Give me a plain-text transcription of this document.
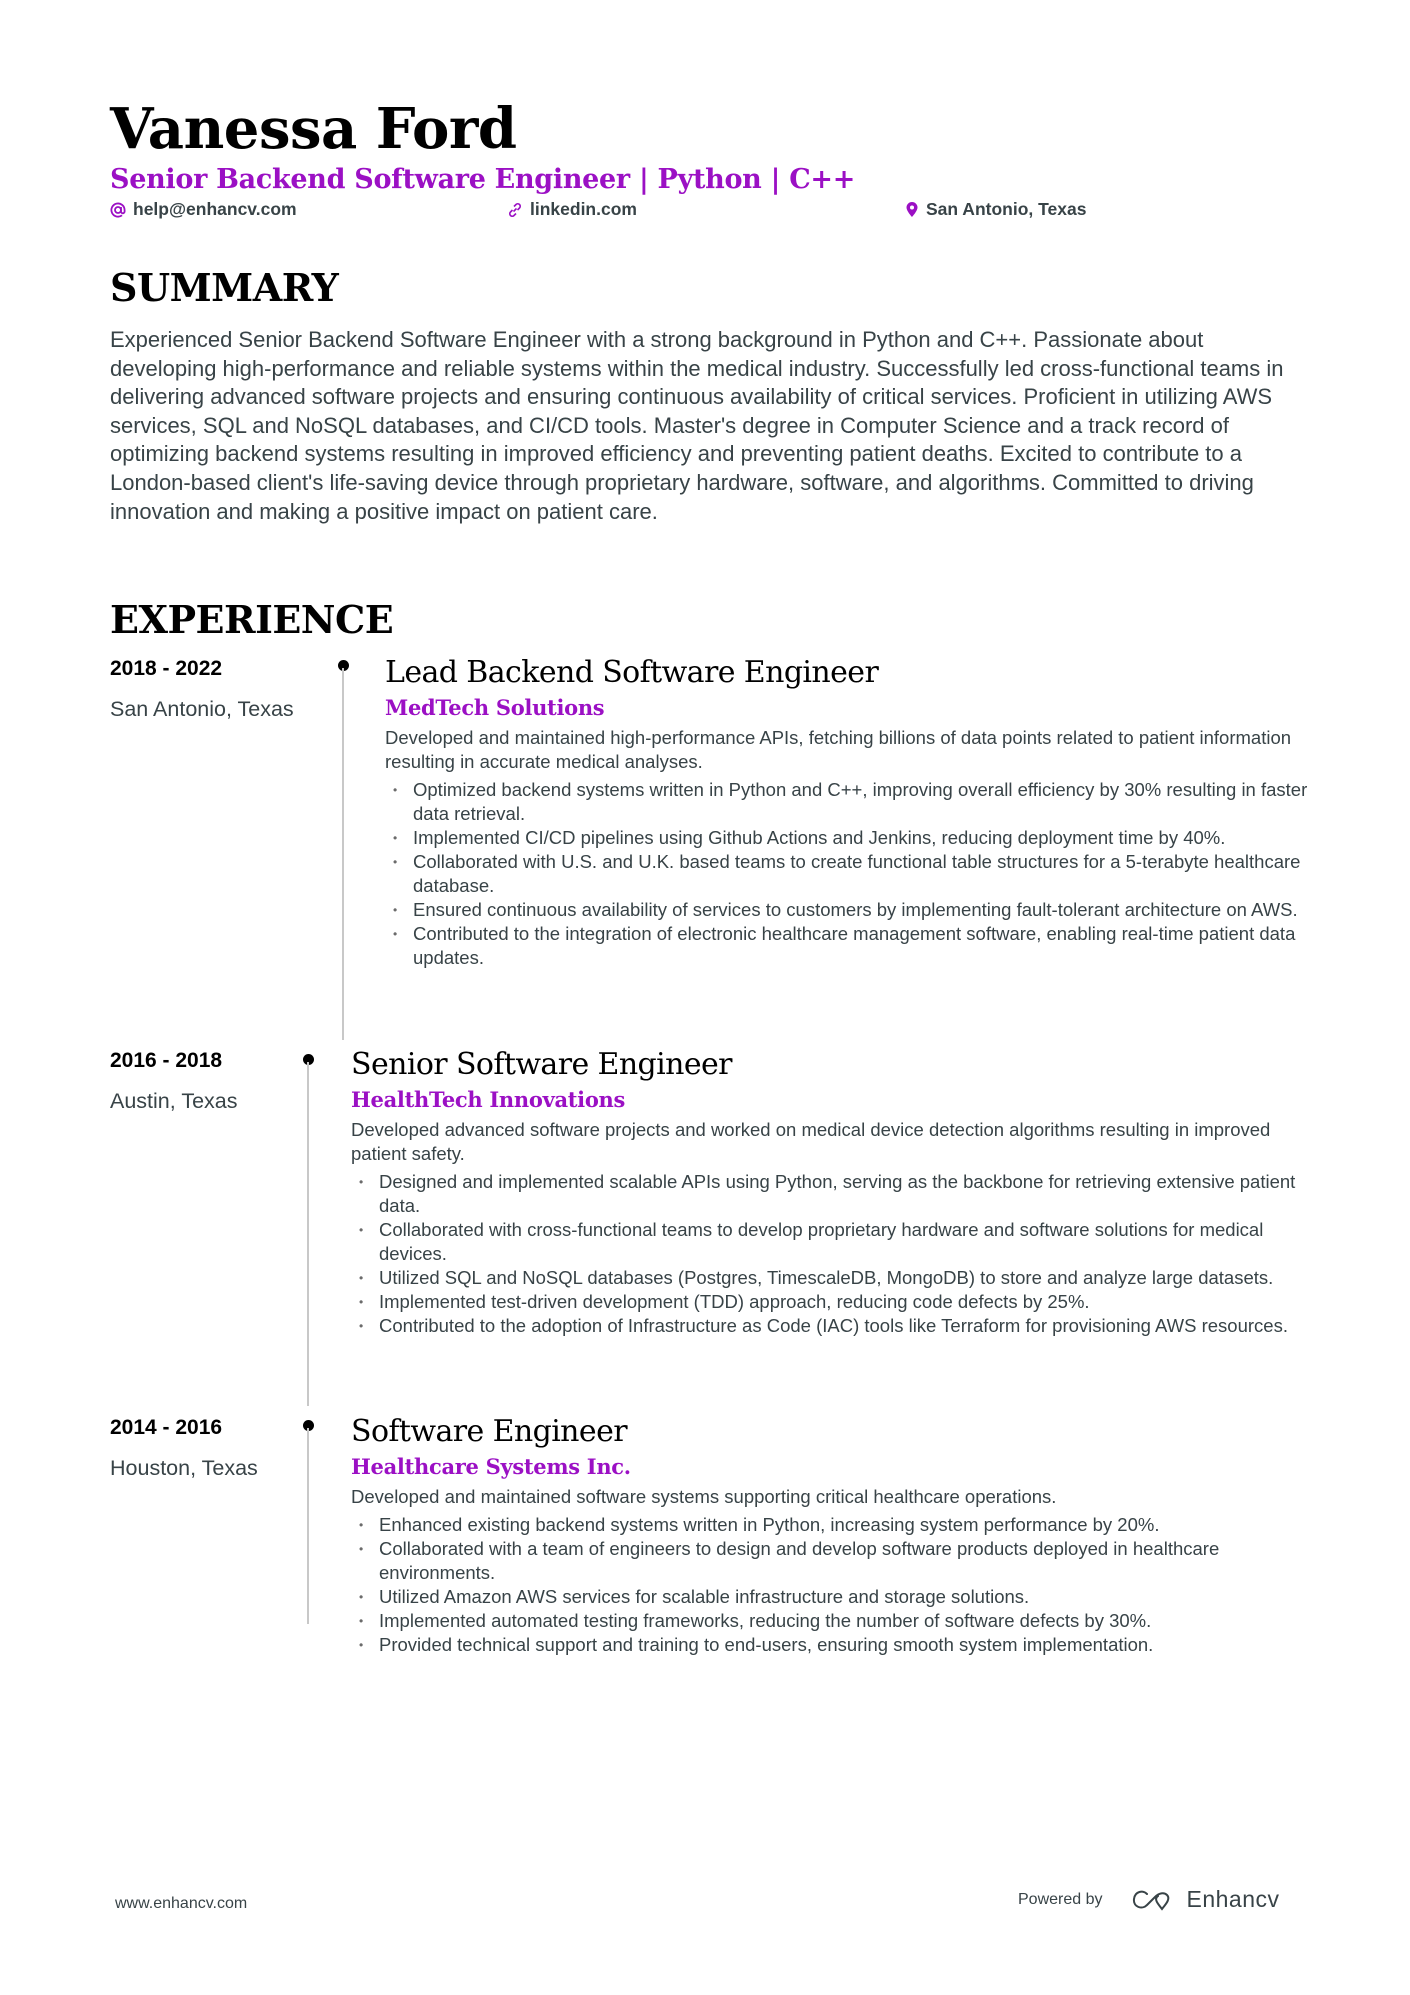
Vanessa Ford
Senior Backend Software Engineer | Python | C++
help@enhancv.com	linkedin.com	San Antonio, Texas
SUMMARY
Experienced Senior Backend Software Engineer with a strong background in Python and C++. Passionate about developing high-performance and reliable systems within the medical industry. Successfully led cross-functional teams in delivering advanced software projects and ensuring continuous availability of critical services. Proficient in utilizing AWS services, SQL and NoSQL databases, and CI/CD tools. Master's degree in Computer Science and a track record of optimizing backend systems resulting in improved efficiency and preventing patient deaths. Excited to contribute to a London-based client's life-saving device through proprietary hardware, software, and algorithms. Committed to driving innovation and making a positive impact on patient care.
EXPERIENCE
2018 - 2022
San Antonio, Texas
Lead Backend Software Engineer
MedTech Solutions
Developed and maintained high-performance APIs, fetching billions of data points related to patient information resulting in accurate medical analyses.
• Optimized backend systems written in Python and C++, improving overall efficiency by 30% resulting in faster data retrieval.
• Implemented CI/CD pipelines using Github Actions and Jenkins, reducing deployment time by 40%.
• Collaborated with U.S. and U.K. based teams to create functional table structures for a 5-terabyte healthcare database.
• Ensured continuous availability of services to customers by implementing fault-tolerant architecture on AWS.
• Contributed to the integration of electronic healthcare management software, enabling real-time patient data updates.
2016 - 2018
Austin, Texas
Senior Software Engineer
HealthTech Innovations
Developed advanced software projects and worked on medical device detection algorithms resulting in improved patient safety.
• Designed and implemented scalable APIs using Python, serving as the backbone for retrieving extensive patient data.
• Collaborated with cross-functional teams to develop proprietary hardware and software solutions for medical devices.
• Utilized SQL and NoSQL databases (Postgres, TimescaleDB, MongoDB) to store and analyze large datasets.
• Implemented test-driven development (TDD) approach, reducing code defects by 25%.
• Contributed to the adoption of Infrastructure as Code (IAC) tools like Terraform for provisioning AWS resources.
2014 - 2016
Houston, Texas
Software Engineer
Healthcare Systems Inc.
Developed and maintained software systems supporting critical healthcare operations.
• Enhanced existing backend systems written in Python, increasing system performance by 20%.
• Collaborated with a team of engineers to design and develop software products deployed in healthcare environments.
• Utilized Amazon AWS services for scalable infrastructure and storage solutions.
• Implemented automated testing frameworks, reducing the number of software defects by 30%.
• Provided technical support and training to end-users, ensuring smooth system implementation.
www.enhancv.com	Powered by	Enhancv
